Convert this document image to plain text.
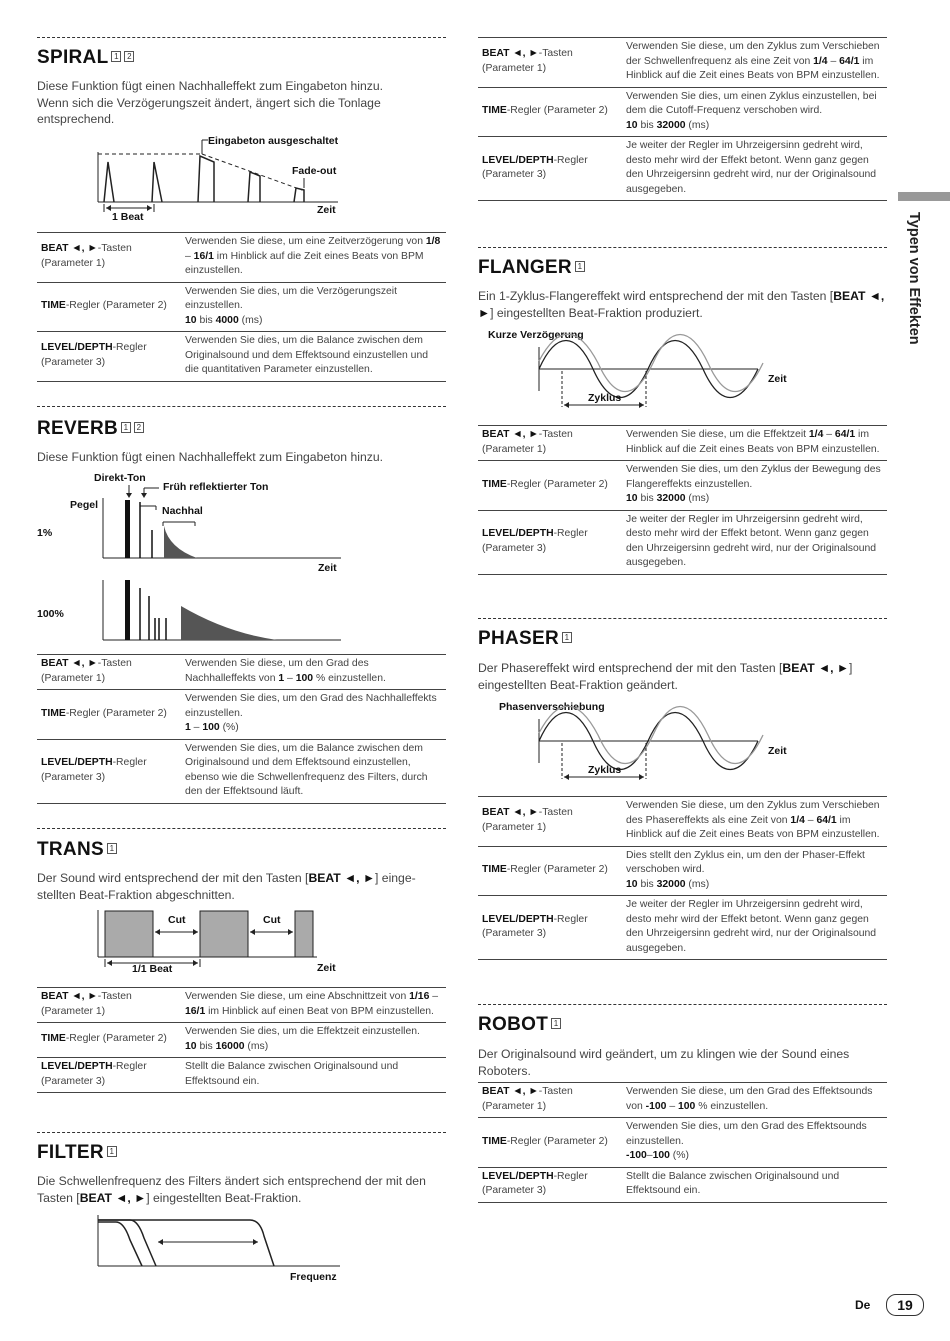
Typen von Effekten
SPIRAL 1 2

Diese Funktion fügt einen Nachhalleffekt zum Eingabeton hinzu. Wenn sich die Verzögerungszeit ändert, ängert sich die Tonlage entsprechend.

Eingabeton ausgeschaltet
Fade-out
1 Beat
Zeit
BEAT ◄, ►-Tasten
(Parameter 1)	Verwenden Sie diese, um eine Zeitverzögerung von 1/8 – 16/1 im Hinblick auf die Zeit eines Beats von BPM einzustellen.
TIME-Regler (Parameter 2)	Verwenden Sie dies, um die Verzögerungszeit einzustellen.
10 bis 4000 (ms)
LEVEL/DEPTH-Regler
(Parameter 3)	Verwenden Sie dies, um die Balance zwischen dem Originalsound und dem Effektsound einzustellen und die quantitativen Parameter einzustellen.
REVERB 1 2

Diese Funktion fügt einen Nachhalleffekt zum Eingabeton hinzu.

Direkt-Ton
Pegel
Früh reflektierter Ton
Nachhal
1%
Zeit
100%
BEAT ◄, ►-Tasten
(Parameter 1)	Verwenden Sie diese, um den Grad des Nachhalleffekts von 1 – 100 % einzustellen.
TIME-Regler (Parameter 2)	Verwenden Sie dies, um den Grad des Nachhalleffekts einzustellen.
1 – 100 (%)
LEVEL/DEPTH-Regler
(Parameter 3)	Verwenden Sie dies, um die Balance zwischen dem Originalsound und dem Effektsound einzustellen, ebenso wie die Schwellenfrequenz des Filters, durch den der Effektsound läuft.
TRANS 1

Der Sound wird entsprechend der mit den Tasten [BEAT ◄, ►] einge-stellten Beat-Fraktion abgeschnitten.

Cut	Cut
1/1 Beat	Zeit
BEAT ◄, ►-Tasten
(Parameter 1)	Verwenden Sie diese, um eine Abschnittzeit von 1/16 – 16/1 im Hinblick auf einen Beat von BPM einzustellen.
TIME-Regler (Parameter 2)	Verwenden Sie dies, um die Effektzeit einzustellen.
10 bis 16000 (ms)
LEVEL/DEPTH-Regler
(Parameter 3)	Stellt die Balance zwischen Originalsound und Effektsound ein.
FILTER 1

Die Schwellenfrequenz des Filters ändert sich entsprechend der mit den Tasten [BEAT ◄, ►] eingestellten Beat-Fraktion.

Frequenz
BEAT ◄, ►-Tasten
(Parameter 1)	Verwenden Sie diese, um den Zyklus zum Verschieben der Schwellenfrequenz als eine Zeit von 1/4 – 64/1 im Hinblick auf die Zeit eines Beats von BPM einzustellen.
TIME-Regler (Parameter 2)	Verwenden Sie dies, um einen Zyklus einzustellen, bei dem die Cutoff-Frequenz verschoben wird.
10 bis 32000 (ms)
LEVEL/DEPTH-Regler
(Parameter 3)	Je weiter der Regler im Uhrzeigersinn gedreht wird, desto mehr wird der Effekt betont. Wenn ganz gegen den Uhrzeigersinn gedreht wird, nur der Originalsound ausgegeben.
FLANGER 1

Ein 1-Zyklus-Flangereffekt wird entsprechend der mit den Tasten [BEAT ◄, ►] eingestellten Beat-Fraktion produziert.

Kurze Verzögerung
Zyklus
Zeit
BEAT ◄, ►-Tasten
(Parameter 1)	Verwenden Sie diese, um die Effektzeit 1/4 – 64/1 im Hinblick auf die Zeit eines Beats von BPM einzustellen.
TIME-Regler (Parameter 2)	Verwenden Sie dies, um den Zyklus der Bewegung des Flangereffekts einzustellen.
10 bis 32000 (ms)
LEVEL/DEPTH-Regler
(Parameter 3)	Je weiter der Regler im Uhrzeigersinn gedreht wird, desto mehr wird der Effekt betont. Wenn ganz gegen den Uhrzeigersinn gedreht wird, nur der Originalsound ausgegeben.
PHASER 1

Der Phasereffekt wird entsprechend der mit den Tasten [BEAT ◄, ►] eingestellten Beat-Fraktion geändert.

Phasenverschiebung
Zyklus
Zeit
BEAT ◄, ►-Tasten
(Parameter 1)	Verwenden Sie diese, um den Zyklus zum Verschieben des Phasereffekts als eine Zeit von 1/4 – 64/1 im Hinblick auf die Zeit eines Beats von BPM einzustellen.
TIME-Regler (Parameter 2)	Dies stellt den Zyklus ein, um den der Phaser-Effekt verschoben wird.
10 bis 32000 (ms)
LEVEL/DEPTH-Regler
(Parameter 3)	Je weiter der Regler im Uhrzeigersinn gedreht wird, desto mehr wird der Effekt betont. Wenn ganz gegen den Uhrzeigersinn gedreht wird, nur der Originalsound ausgegeben.
ROBOT 1

Der Originalsound wird geändert, um zu klingen wie der Sound eines Roboters.

BEAT ◄, ►-Tasten
(Parameter 1)	Verwenden Sie diese, um den Grad des Effektsounds von -100 – 100 % einzustellen.
TIME-Regler (Parameter 2)	Verwenden Sie dies, um den Grad des Effektsounds einzustellen.
-100–100 (%)
LEVEL/DEPTH-Regler
(Parameter 3)	Stellt die Balance zwischen Originalsound und Effektsound ein.
De	19
